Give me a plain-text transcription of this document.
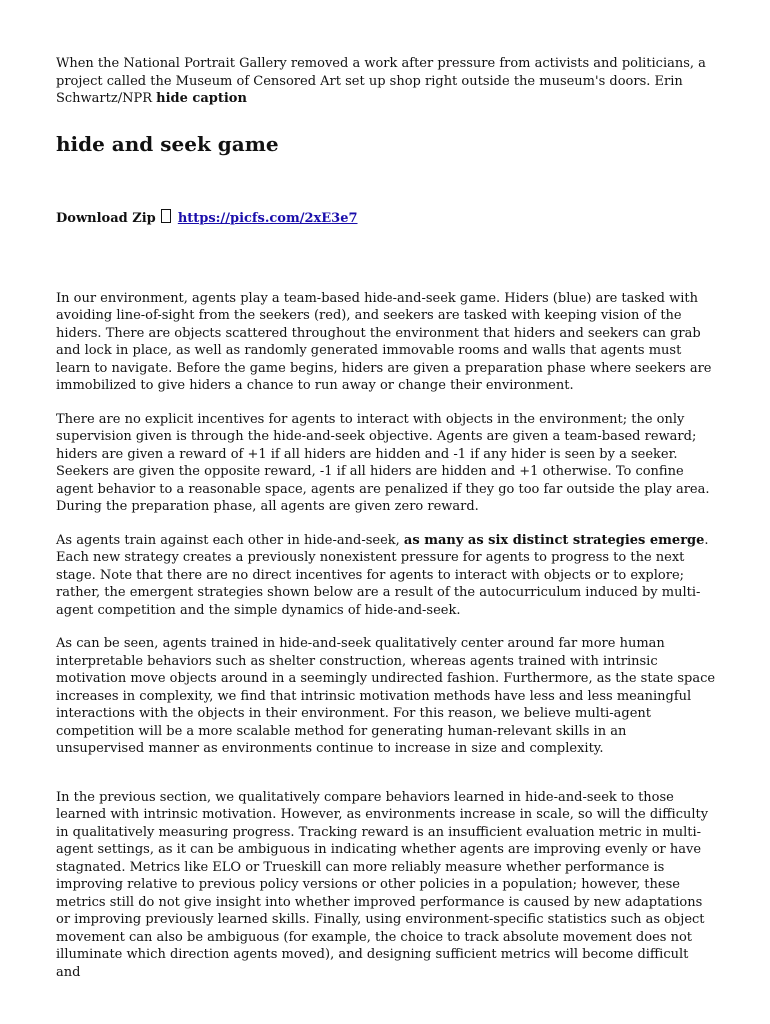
When the National Portrait Gallery removed a work after pressure from activists and politicians, a project called the Museum of Censored Art set up shop right outside the museum's doors. Erin Schwartz/NPR hide caption

hide and seek game
Download Zip  https://picfs.com/2xE3e7

In our environment, agents play a team-based hide-and-seek game. Hiders (blue) are tasked with avoiding line-of-sight from the seekers (red), and seekers are tasked with keeping vision of the hiders. There are objects scattered throughout the environment that hiders and seekers can grab and lock in place, as well as randomly generated immovable rooms and walls that agents must learn to navigate. Before the game begins, hiders are given a preparation phase where seekers are immobilized to give hiders a chance to run away or change their environment.

There are no explicit incentives for agents to interact with objects in the environment; the only supervision given is through the hide-and-seek objective. Agents are given a team-based reward; hiders are given a reward of +1 if all hiders are hidden and -1 if any hider is seen by a seeker. Seekers are given the opposite reward, -1 if all hiders are hidden and +1 otherwise. To confine agent behavior to a reasonable space, agents are penalized if they go too far outside the play area. During the preparation phase, all agents are given zero reward.

As agents train against each other in hide-and-seek, as many as six distinct strategies emerge. Each new strategy creates a previously nonexistent pressure for agents to progress to the next stage. Note that there are no direct incentives for agents to interact with objects or to explore; rather, the emergent strategies shown below are a result of the autocurriculum induced by multi-agent competition and the simple dynamics of hide-and-seek.

As can be seen, agents trained in hide-and-seek qualitatively center around far more human interpretable behaviors such as shelter construction, whereas agents trained with intrinsic motivation move objects around in a seemingly undirected fashion. Furthermore, as the state space increases in complexity, we find that intrinsic motivation methods have less and less meaningful interactions with the objects in their environment. For this reason, we believe multi-agent competition will be a more scalable method for generating human-relevant skills in an unsupervised manner as environments continue to increase in size and complexity.

In the previous section, we qualitatively compare behaviors learned in hide-and-seek to those learned with intrinsic motivation. However, as environments increase in scale, so will the difficulty in qualitatively measuring progress. Tracking reward is an insufficient evaluation metric in multi-agent settings, as it can be ambiguous in indicating whether agents are improving evenly or have stagnated. Metrics like ELO or Trueskill can more reliably measure whether performance is improving relative to previous policy versions or other policies in a population; however, these metrics still do not give insight into whether improved performance is caused by new adaptations or improving previously learned skills. Finally, using environment-specific statistics such as object movement can also be ambiguous (for example, the choice to track absolute movement does not illuminate which direction agents moved), and designing sufficient metrics will become difficult and
